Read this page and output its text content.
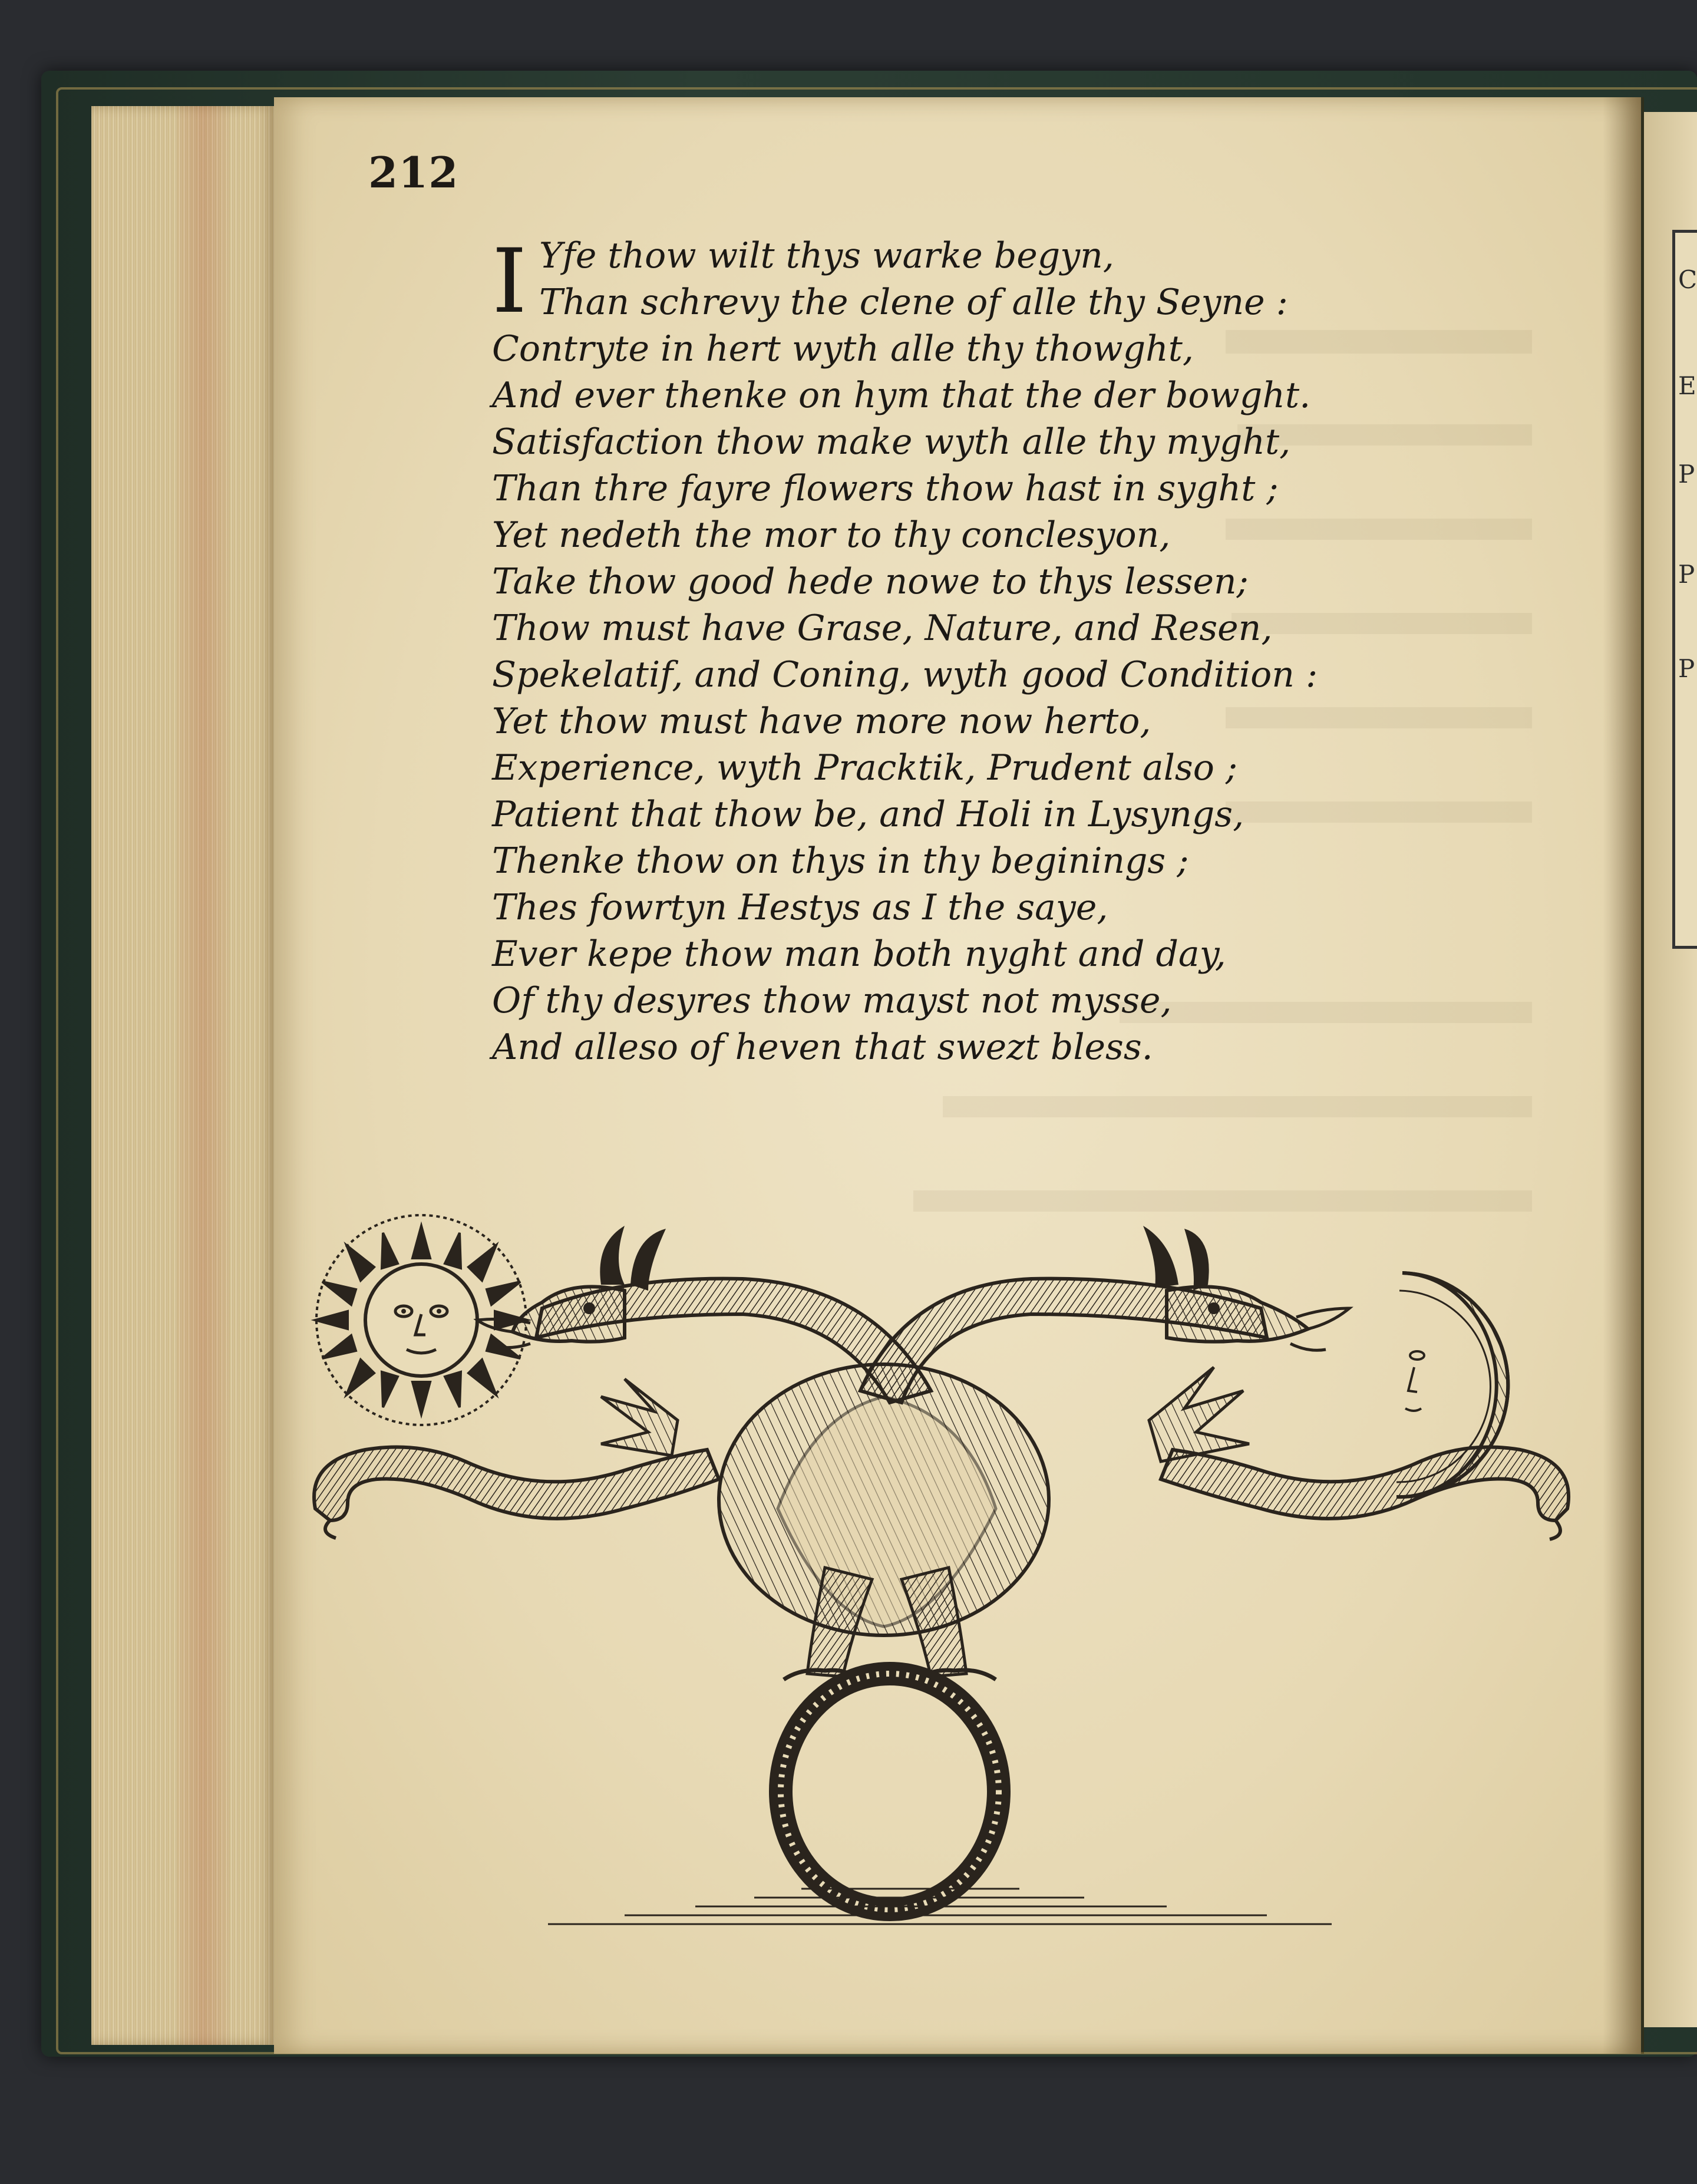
C
E
P
P
P
212
I Yfe thow wilt thys warke begyn,
Than schrevy the clene of alle thy Seyne :
Contryte in hert wyth alle thy thowght,
And ever thenke on hym that the der bowght.
Satisfaction thow make wyth alle thy myght,
Than thre fayre flowers thow hast in syght ;
Yet nedeth the mor to thy conclesyon,
Take thow good hede nowe to thys lessen;
Thow must have Grase, Nature, and Resen,
Spekelatif, and Coning, wyth good Condition :
Yet thow must have more now herto,
Experience, wyth Pracktik, Prudent also ;
Patient that thow be, and Holi in Lysyngs,
Thenke thow on thys in thy beginings ;
Thes fowrtyn Hestys as I the saye,
Ever kepe thow man both nyght and day,
Of thy desyres thow mayst not mysse,
And alleso of heven that swezt bless.
